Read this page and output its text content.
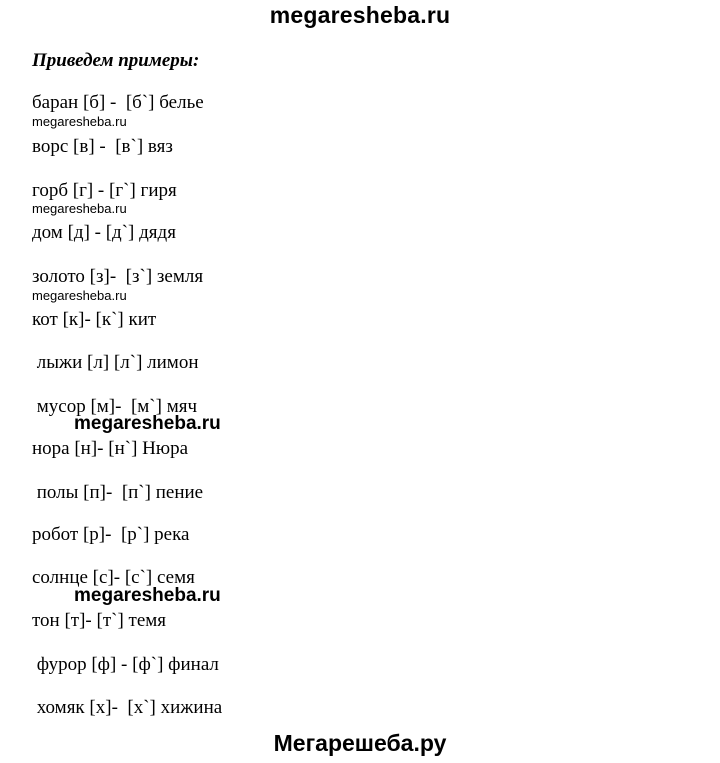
megaresheba.ru
Приведем примеры:
баран [б] -  [б`] белье
megaresheba.ru
ворс [в] -  [в`] вяз
горб [г] - [г`] гиря
megaresheba.ru
дом [д] - [д`] дядя
золото [з]-  [з`] земля
megaresheba.ru
кот [к]- [к`] кит
лыжи [л] [л`] лимон
мусор [м]-  [м`] мяч
megaresheba.ru
нора [н]- [н`] Нюра
полы [п]-  [п`] пение
робот [р]-  [р`] река
солнце [с]- [с`] семя
megaresheba.ru
тон [т]- [т`] темя
фурор [ф] - [ф`] финал
хомяк [х]-  [х`] хижина
Мегарешеба.ру
